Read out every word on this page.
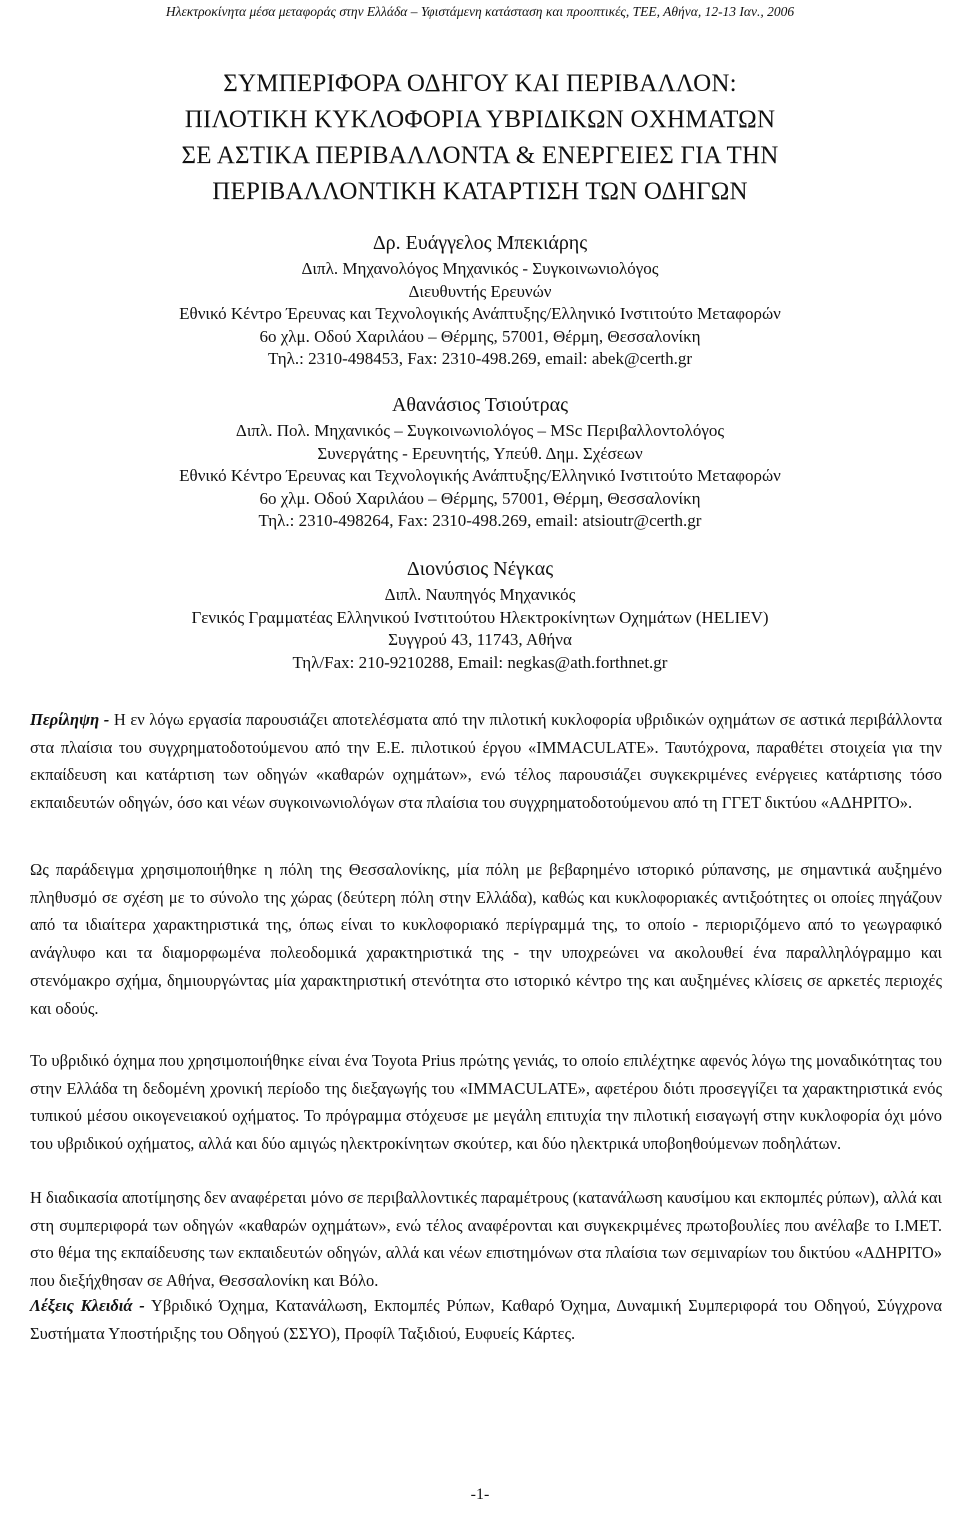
Ηλεκτροκίνητα μέσα μεταφοράς στην Ελλάδα – Υφιστάμενη κατάσταση και προοπτικές, ΤΕΕ, Αθήνα, 12-13 Ιαν., 2006
ΣΥΜΠΕΡΙΦΟΡΑ ΟΔΗΓΟΥ ΚΑΙ ΠΕΡΙΒΑΛΛΟΝ:
ΠΙΛΟΤΙΚΗ ΚΥΚΛΟΦΟΡΙΑ ΥΒΡΙΔΙΚΩΝ ΟΧΗΜΑΤΩΝ
ΣΕ ΑΣΤΙΚΑ ΠΕΡΙΒΑΛΛΟΝΤΑ & ΕΝΕΡΓΕΙΕΣ ΓΙΑ ΤΗΝ
ΠΕΡΙΒΑΛΛΟΝΤΙΚΗ ΚΑΤΑΡΤΙΣΗ ΤΩΝ ΟΔΗΓΩΝ
Δρ. Ευάγγελος Μπεκιάρης
Διπλ. Μηχανολόγος Μηχανικός - Συγκοινωνιολόγος
Διευθυντής Ερευνών
Εθνικό Κέντρο Έρευνας και Τεχνολογικής Ανάπτυξης/Ελληνικό Ινστιτούτο Μεταφορών
6ο χλμ. Οδού Χαριλάου – Θέρμης, 57001, Θέρμη, Θεσσαλονίκη
Τηλ.: 2310-498453, Fax: 2310-498.269, email: abek@certh.gr
Αθανάσιος Τσιούτρας
Διπλ. Πολ. Μηχανικός – Συγκοινωνιολόγος – MSc Περιβαλλοντολόγος
Συνεργάτης - Ερευνητής, Υπεύθ. Δημ. Σχέσεων
Εθνικό Κέντρο Έρευνας και Τεχνολογικής Ανάπτυξης/Ελληνικό Ινστιτούτο Μεταφορών
6ο χλμ. Οδού Χαριλάου – Θέρμης, 57001, Θέρμη, Θεσσαλονίκη
Τηλ.: 2310-498264, Fax: 2310-498.269, email: atsioutr@certh.gr
Διονύσιος Νέγκας
Διπλ. Ναυπηγός Μηχανικός
Γενικός Γραμματέας Ελληνικού Ινστιτούτου Ηλεκτροκίνητων Οχημάτων (HELIEV)
Συγγρού 43, 11743, Αθήνα
Τηλ/Fax: 210-9210288, Email: negkas@ath.forthnet.gr
Περίληψη - Η εν λόγω εργασία παρουσιάζει αποτελέσματα από την πιλοτική κυκλοφορία υβριδικών οχημάτων σε αστικά περιβάλλοντα στα πλαίσια του συγχρηματοδοτούμενου από την Ε.Ε. πιλοτικού έργου «IMMACULATE». Ταυτόχρονα, παραθέτει στοιχεία για την εκπαίδευση και κατάρτιση των οδηγών «καθαρών οχημάτων», ενώ τέλος παρουσιάζει συγκεκριμένες ενέργειες κατάρτισης τόσο εκπαιδευτών οδηγών, όσο και νέων συγκοινωνιολόγων στα πλαίσια του συγχρηματοδοτούμενου από τη ΓΓΕΤ δικτύου «ΑΔΗΡΙΤΟ».
Ως παράδειγμα χρησιμοποιήθηκε η πόλη της Θεσσαλονίκης, μία πόλη με βεβαρημένο ιστορικό ρύπανσης, με σημαντικά αυξημένο πληθυσμό σε σχέση με το σύνολο της χώρας (δεύτερη πόλη στην Ελλάδα), καθώς και κυκλοφοριακές αντιξοότητες οι οποίες πηγάζουν από τα ιδιαίτερα χαρακτηριστικά της, όπως είναι το κυκλοφοριακό περίγραμμά της, το οποίο - περιοριζόμενο από το γεωγραφικό ανάγλυφο και τα διαμορφωμένα πολεοδομικά χαρακτηριστικά της - την υποχρεώνει να ακολουθεί ένα παραλληλόγραμμο και στενόμακρο σχήμα, δημιουργώντας μία χαρακτηριστική στενότητα στο ιστορικό κέντρο της και αυξημένες κλίσεις σε αρκετές περιοχές και οδούς.
Το υβριδικό όχημα που χρησιμοποιήθηκε είναι ένα Toyota Prius πρώτης γενιάς, το οποίο επιλέχτηκε αφενός λόγω της μοναδικότητας του στην Ελλάδα τη δεδομένη χρονική περίοδο της διεξαγωγής του «IMMACULATE», αφετέρου διότι προσεγγίζει τα χαρακτηριστικά ενός τυπικού μέσου οικογενειακού οχήματος. Το πρόγραμμα στόχευσε με μεγάλη επιτυχία την πιλοτική εισαγωγή στην κυκλοφορία όχι μόνο του υβριδικού οχήματος, αλλά και δύο αμιγώς ηλεκτροκίνητων σκούτερ, και δύο ηλεκτρικά υποβοηθούμενων ποδηλάτων.
Η διαδικασία αποτίμησης δεν αναφέρεται μόνο σε περιβαλλοντικές παραμέτρους (κατανάλωση καυσίμου και εκπομπές ρύπων), αλλά και στη συμπεριφορά των οδηγών «καθαρών οχημάτων», ενώ τέλος αναφέρονται και συγκεκριμένες πρωτοβουλίες που ανέλαβε το Ι.ΜΕΤ. στο θέμα της εκπαίδευσης των εκπαιδευτών οδηγών, αλλά και νέων επιστημόνων στα πλαίσια των σεμιναρίων του δικτύου «ΑΔΗΡΙΤΟ» που διεξήχθησαν σε Αθήνα, Θεσσαλονίκη και Βόλο.
Λέξεις Κλειδιά - Υβριδικό Όχημα, Κατανάλωση, Εκπομπές Ρύπων, Καθαρό Όχημα, Δυναμική Συμπεριφορά του Οδηγού, Σύγχρονα Συστήματα Υποστήριξης του Οδηγού (ΣΣΥΟ), Προφίλ Ταξιδιού, Ευφυείς Κάρτες.
-1-
